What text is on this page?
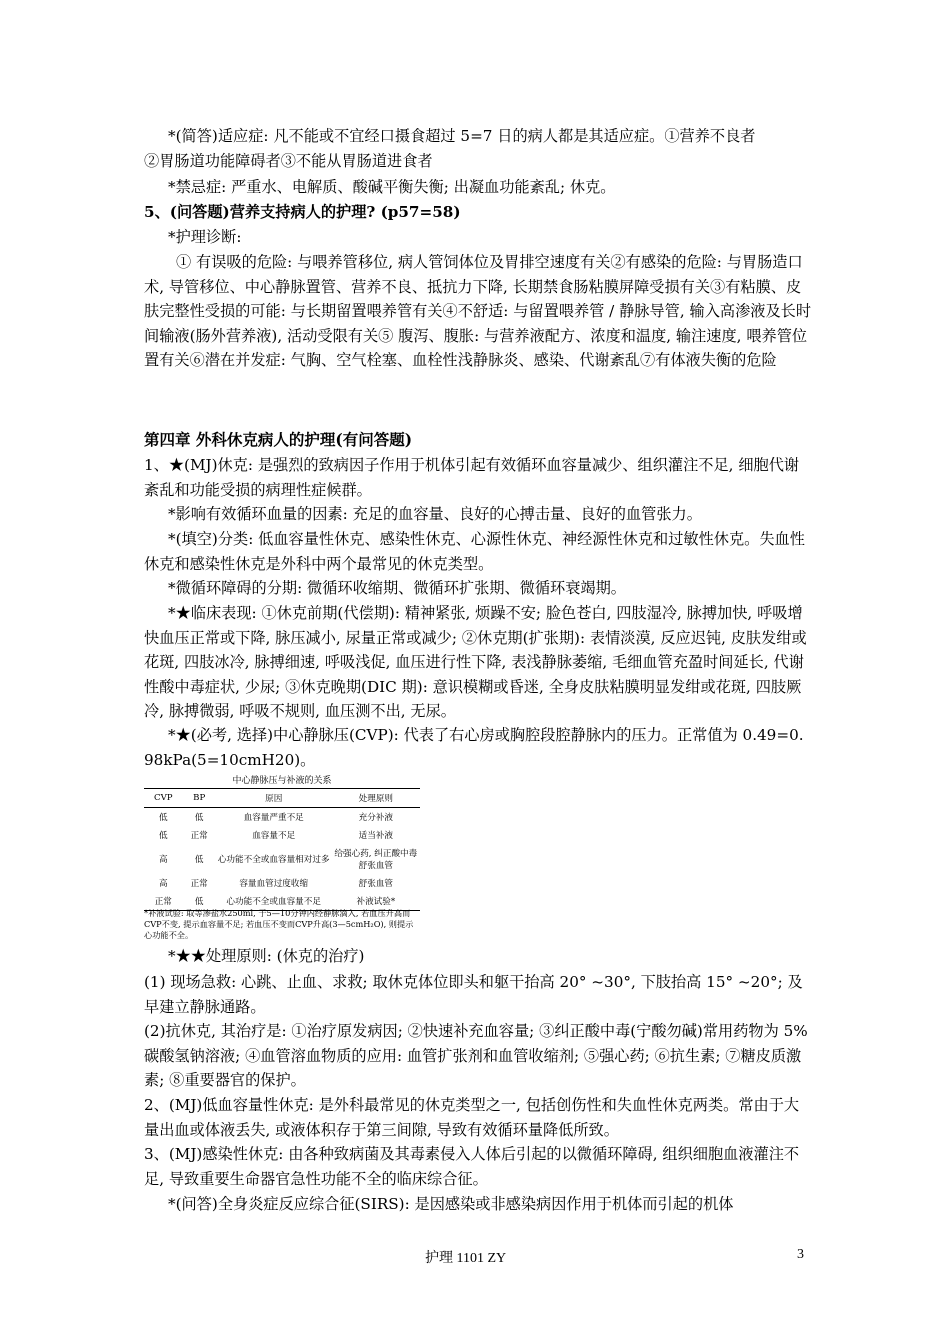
*(简答)适应症: 凡不能或不宜经口摄食超过 5=7 日的病人都是其适应症。①营养不良者

②胃肠道功能障碍者③不能从胃肠道进食者

*禁忌症: 严重水、电解质、酸碱平衡失衡; 出凝血功能紊乱; 休克。

5、(问答题)营养支持病人的护理? (p57=58)

*护理诊断:

① 有误吸的危险: 与喂养管移位, 病人管饲体位及胃排空速度有关②有感染的危险: 与胃肠造口术, 导管移位、中心静脉置管、营养不良、抵抗力下降, 长期禁食肠粘膜屏障受损有关③有粘膜、皮肤完整性受损的可能: 与长期留置喂养管有关④不舒适: 与留置喂养管 / 静脉导管, 输入高渗液及长时间输液(肠外营养液), 活动受限有关⑤ 腹泻、腹胀: 与营养液配方、浓度和温度, 输注速度, 喂养管位置有关⑥潜在并发症: 气胸、空气栓塞、血栓性浅静脉炎、感染、代谢紊乱⑦有体液失衡的危险

第四章 外科休克病人的护理(有问答题)

1、★(MJ)休克: 是强烈的致病因子作用于机体引起有效循环血容量减少、组织灌注不足, 细胞代谢紊乱和功能受损的病理性症候群。

*影响有效循环血量的因素: 充足的血容量、良好的心搏击量、良好的血管张力。

*(填空)分类: 低血容量性休克、感染性休克、心源性休克、神经源性休克和过敏性休克。失血性休克和感染性休克是外科中两个最常见的休克类型。

*微循环障碍的分期: 微循环收缩期、微循环扩张期、微循环衰竭期。

*★临床表现: ①休克前期(代偿期): 精神紧张, 烦躁不安; 脸色苍白, 四肢湿冷, 脉搏加快, 呼吸增快血压正常或下降, 脉压减小, 尿量正常或减少; ②休克期(扩张期): 表情淡漠, 反应迟钝, 皮肤发绀或花斑, 四肢冰冷, 脉搏细速, 呼吸浅促, 血压进行性下降, 表浅静脉萎缩, 毛细血管充盈时间延长, 代谢性酸中毒症状, 少尿; ③休克晚期(DIC 期): 意识模糊或昏迷, 全身皮肤粘膜明显发绀或花斑, 四肢厥冷, 脉搏微弱, 呼吸不规则, 血压测不出, 无尿。

*★(必考, 选择)中心静脉压(CVP): 代表了右心房或胸腔段腔静脉内的压力。正常值为 0.49=0.98kPa(5=10cmH20)。

中心静脉压与补液的关系
CVP	BP	原因	处理原则
低	低	血容量严重不足	充分补液
低	正常	血容量不足	适当补液
高	低	心功能不全或血容量相对过多	给强心药, 纠正酸中毒 舒张血管
高	正常	容量血管过度收缩	舒张血管
正常	低	心功能不全或血容量不足	补液试验*
*补液试验: 取等渗盐水250ml, 于5—10分钟内经静脉滴入, 若血压升高而CVP不变, 提示血容量不足; 若血压不变而CVP升高(3—5cmH₂O), 则提示心功能不全。

*★★处理原则: (休克的治疗)

(1) 现场急救: 心跳、止血、求救; 取休克体位即头和躯干抬高 20° ~30°, 下肢抬高 15° ~20°; 及早建立静脉通路。

(2)抗休克, 其治疗是: ①治疗原发病因; ②快速补充血容量; ③纠正酸中毒(宁酸勿碱)常用药物为 5%碳酸氢钠溶液; ④血管溶血物质的应用: 血管扩张剂和血管收缩剂; ⑤强心药; ⑥抗生素; ⑦糖皮质激素; ⑧重要器官的保护。

2、(MJ)低血容量性休克: 是外科最常见的休克类型之一, 包括创伤性和失血性休克两类。常由于大量出血或体液丢失, 或液体积存于第三间隙, 导致有效循环量降低所致。

3、(MJ)感染性休克: 由各种致病菌及其毒素侵入人体后引起的以微循环障碍, 组织细胞血液灌注不足, 导致重要生命器官急性功能不全的临床综合征。

*(问答)全身炎症反应综合征(SIRS): 是因感染或非感染病因作用于机体而引起的机体

护理 1101 ZY	3
